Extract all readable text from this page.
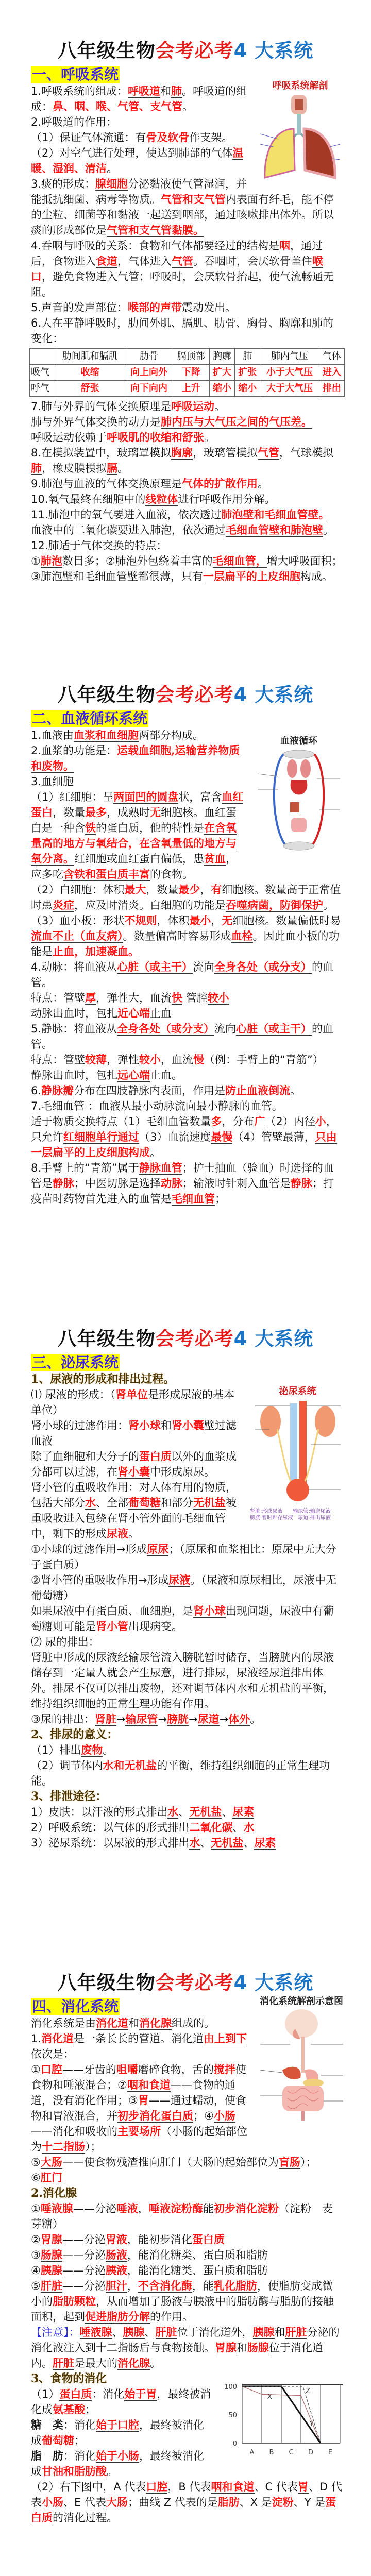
八年级生物会考必考4 大系统
一、呼吸系统
呼吸系统解剖

1.呼吸系统的组成：呼吸道和肺。呼吸道的组成：鼻、咽、喉、气管、支气管。

2.呼吸道的作用：

（1）保证气体流通：有骨及软骨作支架。

（2）对空气进行处理，使达到肺部的气体温暖、湿润、清洁。

3.痰的形成：腺细胞分泌黏液使气管湿润，并能抵抗细菌、病毒等物质。气管和支气管内表面有纤毛，能不停的尘粒、细菌等和黏液一起送到咽部，通过咳嗽排出体外。所以痰的形成部位是气管和支气管黏膜。

4.吞咽与呼吸的关系：食物和气体都要经过的结构是咽，通过后，食物进入食道，气体进入气管。吞咽时，会厌软骨盖住喉口，避免食物进入气管；呼吸时，会厌软骨抬起，使气流畅通无阻。

5.声音的发声部位：喉部的声带震动发出。

6.人在平静呼吸时，肋间外肌、膈肌、肋骨、胸骨、胸廓和肺的变化：

	肋间肌和膈肌	肋骨	膈顶部	胸廓	肺	肺内气压	气体
吸气	收缩	向上向外	下降	扩大	扩张	小于大气压	进入
呼气	舒张	向下向内	上升	缩小	缩小	大于大气压	排出

7.肺与外界的气体交换原理是呼吸运动。

肺与外界气体交换的动力是肺内压与大气压之间的气压差。

呼吸运动依赖于呼吸肌的收缩和舒张。

8.在模拟装置中，玻璃罩模拟胸廓，玻璃管模拟气管，气球模拟肺，橡皮膜模拟膈。

9.肺泡与血液的气体交换原理是气体的扩散作用。

10.氧气最终在细胞中的线粒体进行呼吸作用分解。

11.肺泡中的氧气要进入血液，依次透过肺泡壁和毛细血管壁。

血液中的二氧化碳要进入肺泡，依次通过毛细血管壁和肺泡壁。

12.肺适于气体交换的特点：

①肺泡数目多；②肺泡外包绕着丰富的毛细血管，增大呼吸面积；

③肺泡壁和毛细血管壁都很薄，只有一层扁平的上皮细胞构成。

八年级生物会考必考4 大系统
二、血液循环系统
血液循环

1.血液由血浆和血细胞两部分构成。

2.血浆的功能是：运载血细胞,运输营养物质和废物。

3.血细胞

（1）红细胞：呈两面凹的圆盘状，富含血红蛋白，数量最多，成熟时无细胞核。血红蛋白是一种含铁的蛋白质，他的特性是在含氧量高的地方与氧结合，在含氧量低的地方与氧分离。红细胞或血红蛋白偏低，患贫血，应多吃含铁和蛋白质丰富的食物。

（2）白细胞：体积最大，数量最少，有细胞核。数量高于正常值时患炎症，应及时消炎。白细胞的功能是吞噬病菌，防御保护。

（3）血小板：形状不规则，体积最小，无细胞核。数量偏低时易流血不止（血友病）。数量偏高时容易形成血栓。因此血小板的功能是止血，加速凝血。

4.动脉：将血液从心脏（或主干）流向全身各处（或分支）的血管。

特点：管壁厚，弹性大，血流快 管腔较小

动脉出血时，包扎近心端止血

5.静脉：将血液从全身各处（或分支）流向心脏（或主干）的血管。

特点：管壁较薄，弹性较小，血流慢（例：手臂上的“青筋”）

静脉出血时，包扎远心端止血。

6.静脉瓣分布在四肢静脉内表面，作用是防止血液倒流。

7.毛细血管 ：血液从最小动脉流向最小静脉的血管。

适于物质交换特点（1）毛细血管数量多，分布广（2）内径小，只允许红细胞单行通过（3）血流速度最慢（4）管壁最薄，只由一层扁平的上皮细胞构成。

8.手臂上的“青筋”属于静脉血管；护士抽血（验血）时选择的血管是静脉；中医切脉是选择动脉；输液时针刺入血管是静脉；打疫苗时药物首先进入的血管是毛细血管；

八年级生物会考必考4 大系统
三、泌尿系统
泌尿系统
肾脏:形成尿液　　输尿管:输送尿液
膀胱:暂时贮存尿液　尿道:排出尿液

1、尿液的形成和排出过程。

⑴ 尿液的形成：（肾单位是形成尿液的基本单位）

肾小球的过滤作用：肾小球和肾小囊壁过滤血液

除了血细胞和大分子的蛋白质以外的血浆成分都可以过滤，在肾小囊中形成原尿。

肾小管的重吸收作用：对人体有用的物质，包括大部分水、全部葡萄糖和部分无机盐被重吸收进入包绕在肾小管外面的毛细血管中，剩下的形成尿液。

①小球的过滤作用→形成原尿；（原尿和血浆相比：原尿中无大分子蛋白质）

②肾小管的重吸收作用→形成尿液。（尿液和原尿相比，尿液中无葡萄糖）

如果尿液中有蛋白质、血细胞，是肾小球出现问题，尿液中有葡萄糖则可能是肾小管出现病变。

⑵ 尿的排出：

肾脏中形成的尿液经输尿管流入膀胱暂时储存，当膀胱内的尿液储存到一定量人就会产生尿意，进行排尿，尿液经尿道排出体外。排尿不仅可以排出废物，还对调节体内水和无机盐的平衡，维持组织细胞的正常生理功能有作用。

③尿的排出：肾脏→输尿管→膀胱→尿道→体外。

2、排尿的意义：

（1）排出废物。

（2）调节体内水和无机盐的平衡，维持组织细胞的正常生理功能。

3、排泄途径：

1）皮肤：以汗液的形式排出水、无机盐、尿素

2）呼吸系统：以气体的形式排出二氧化碳、水

3）泌尿系统：以尿液的形式排出水、无机盐、尿素

八年级生物会考必考4 大系统
四、消化系统	消化系统解剖示意图

消化系统是由消化道和消化腺组成的。

1.消化道是一条长长的管道。消化道由上到下依次是：

①口腔——牙齿的咀嚼磨碎食物，舌的搅拌使食物和唾液混合；②咽和食道——食物的通道，没有消化作用；③胃——通过蠕动，使食物和胃液混合，并初步消化蛋白质；④小肠——消化和吸收的主要场所（小肠的起始部位为十二指肠）；

⑤大肠——使食物残渣推向肛门（大肠的起始部位为盲肠）；

⑥肛门

2.消化腺

①唾液腺——分泌唾液，唾液淀粉酶能初步消化淀粉（淀粉　麦芽糖）

②胃腺——分泌胃液，能初步消化蛋白质

③肠腺——分泌肠液，能消化糖类、蛋白质和脂肪

④胰腺——分泌胰液，能消化糖类、蛋白质和脂肪

⑤肝脏——分泌胆汁，不含消化酶，能乳化脂肪，使脂肪变成微小的脂肪颗粒，从而增加了肠液与胰液中的脂肪酶与脂肪的接触面积，起到促进脂肪分解的作用。

【注意】：唾液腺、胰腺、肝脏位于消化道外，胰腺和肝脏分泌的消化液注入到十二指肠后与食物接触。胃腺和肠腺位于消化道内。肝脏是最大的消化腺。

A B C D E
100
50
0
X
Y
Z

3、食物的消化

（1）蛋白质：消化始于胃，最终被消化成氨基酸；

糖　类：消化始于口腔，最终被消化成葡萄糖；

脂　肪：消化始于小肠，最终被消化成甘油和脂肪酸。

（2）右下图中，A 代表口腔，B 代表咽和食道、C 代表胃、D 代表小肠、E 代表大肠；曲线 Z 代表的是脂肪、X 是淀粉、Y 是蛋白质的消化过程。
